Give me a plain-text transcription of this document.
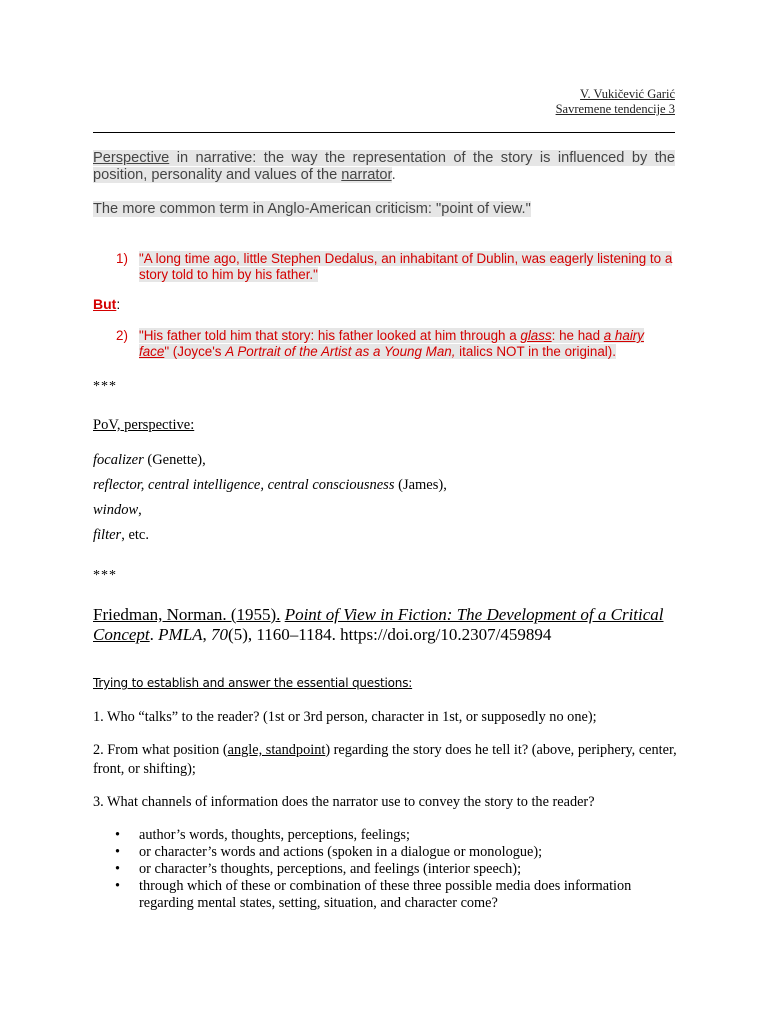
V. Vukičević Garić
Savremene tendencije 3
Perspective in narrative: the way the representation of the story is influenced by the position, personality and values of the narrator.
The more common term in Anglo-American criticism: "point of view."
1) "A long time ago, little Stephen Dedalus, an inhabitant of Dublin, was eagerly listening to a story told to him by his father."
But:
2) "His father told him that story: his father looked at him through a glass: he had a hairy face" (Joyce's A Portrait of the Artist as a Young Man, italics NOT in the original).
***
PoV, perspective:
focalizer (Genette),
reflector, central intelligence, central consciousness (James),
window,
filter, etc.
***
Friedman, Norman. (1955). Point of View in Fiction: The Development of a Critical Concept. PMLA, 70(5), 1160–1184. https://doi.org/10.2307/459894
Trying to establish and answer the essential questions:
1. Who “talks” to the reader? (1st or 3rd person, character in 1st, or supposedly no one);
2. From what position (angle, standpoint) regarding the story does he tell it? (above, periphery, center, front, or shifting);
3. What channels of information does the narrator use to convey the story to the reader?
• author’s words, thoughts, perceptions, feelings;
• or character’s words and actions (spoken in a dialogue or monologue);
• or character’s thoughts, perceptions, and feelings (interior speech);
• through which of these or combination of these three possible media does information regarding mental states, setting, situation, and character come?
